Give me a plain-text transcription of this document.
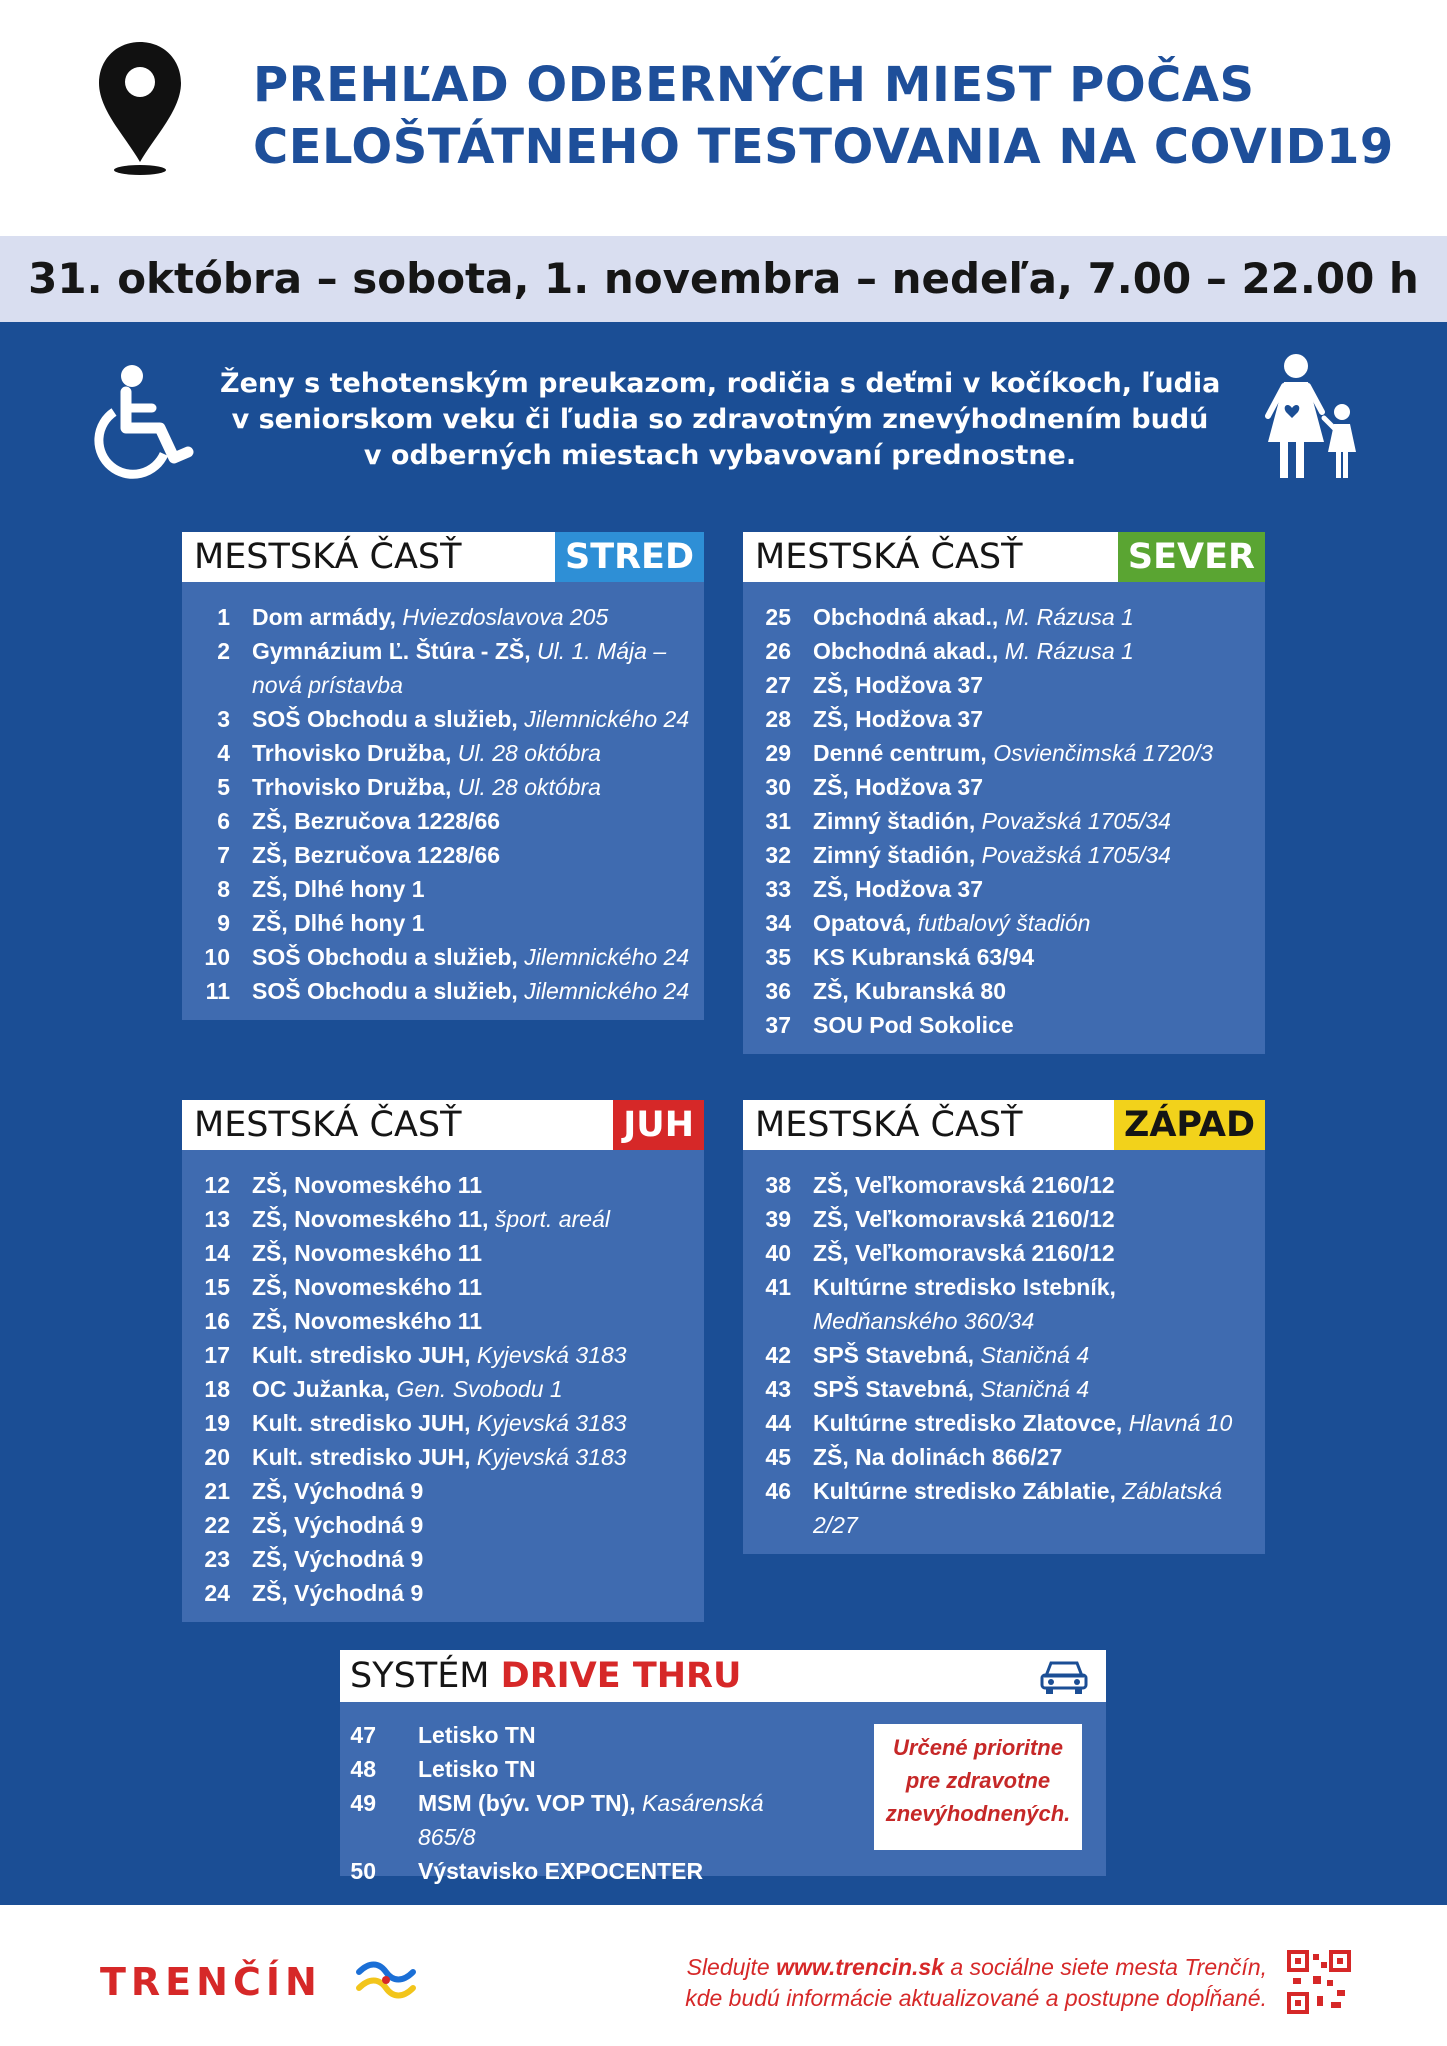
PREHĽAD ODBERNÝCH MIEST POČAS
CELOŠTÁTNEHO TESTOVANIA NA COVID19
31. októbra – sobota, 1. novembra – nedeľa, 7.00 – 22.00 h
Ženy s tehotenským preukazom, rodičia s deťmi v kočíkoch, ľudia
v seniorskom veku či ľudia so zdravotným znevýhodnením budú
v odberných miestach vybavovaní prednostne.
MESTSKÁ ČASŤ	STRED
1 Dom armády, Hviezdoslavova 205
2 Gymnázium Ľ. Štúra - ZŠ, Ul. 1. Mája – nová prístavba
3 SOŠ Obchodu a služieb, Jilemnického 24
4 Trhovisko Družba, Ul. 28 októbra
5 Trhovisko Družba, Ul. 28 októbra
6 ZŠ, Bezručova 1228/66
7 ZŠ, Bezručova 1228/66
8 ZŠ, Dlhé hony 1
9 ZŠ, Dlhé hony 1
10 SOŠ Obchodu a služieb, Jilemnického 24
11 SOŠ Obchodu a služieb, Jilemnického 24
MESTSKÁ ČASŤ	SEVER
25 Obchodná akad., M. Rázusa 1
26 Obchodná akad., M. Rázusa 1
27 ZŠ, Hodžova 37
28 ZŠ, Hodžova 37
29 Denné centrum, Osvienčimská 1720/3
30 ZŠ, Hodžova 37
31 Zimný štadión, Považská 1705/34
32 Zimný štadión, Považská 1705/34
33 ZŠ, Hodžova 37
34 Opatová, futbalový štadión
35 KS Kubranská 63/94
36 ZŠ, Kubranská 80
37 SOU Pod Sokolice
MESTSKÁ ČASŤ	JUH
12 ZŠ, Novomeského 11
13 ZŠ, Novomeského 11, šport. areál
14 ZŠ, Novomeského 11
15 ZŠ, Novomeského 11
16 ZŠ, Novomeského 11
17 Kult. stredisko JUH, Kyjevská 3183
18 OC Južanka, Gen. Svobodu 1
19 Kult. stredisko JUH, Kyjevská 3183
20 Kult. stredisko JUH, Kyjevská 3183
21 ZŠ, Východná 9
22 ZŠ, Východná 9
23 ZŠ, Východná 9
24 ZŠ, Východná 9
MESTSKÁ ČASŤ	ZÁPAD
38 ZŠ, Veľkomoravská 2160/12
39 ZŠ, Veľkomoravská 2160/12
40 ZŠ, Veľkomoravská 2160/12
41 Kultúrne stredisko Istebník, Medňanského 360/34
42 SPŠ Stavebná, Staničná 4
43 SPŠ Stavebná, Staničná 4
44 Kultúrne stredisko Zlatovce, Hlavná 10
45 ZŠ, Na dolinách 866/27
46 Kultúrne stredisko Záblatie, Záblatská 2/27
SYSTÉM DRIVE THRU
47 Letisko TN
48 Letisko TN
49 MSM (býv. VOP TN), Kasárenská 865/8
50 Výstavisko EXPOCENTER
Určené prioritne
pre zdravotne
znevýhodnených.
TRENČÍN	Sledujte www.trencin.sk a sociálne siete mesta Trenčín,
kde budú informácie aktualizované a postupne dopĺňané.
